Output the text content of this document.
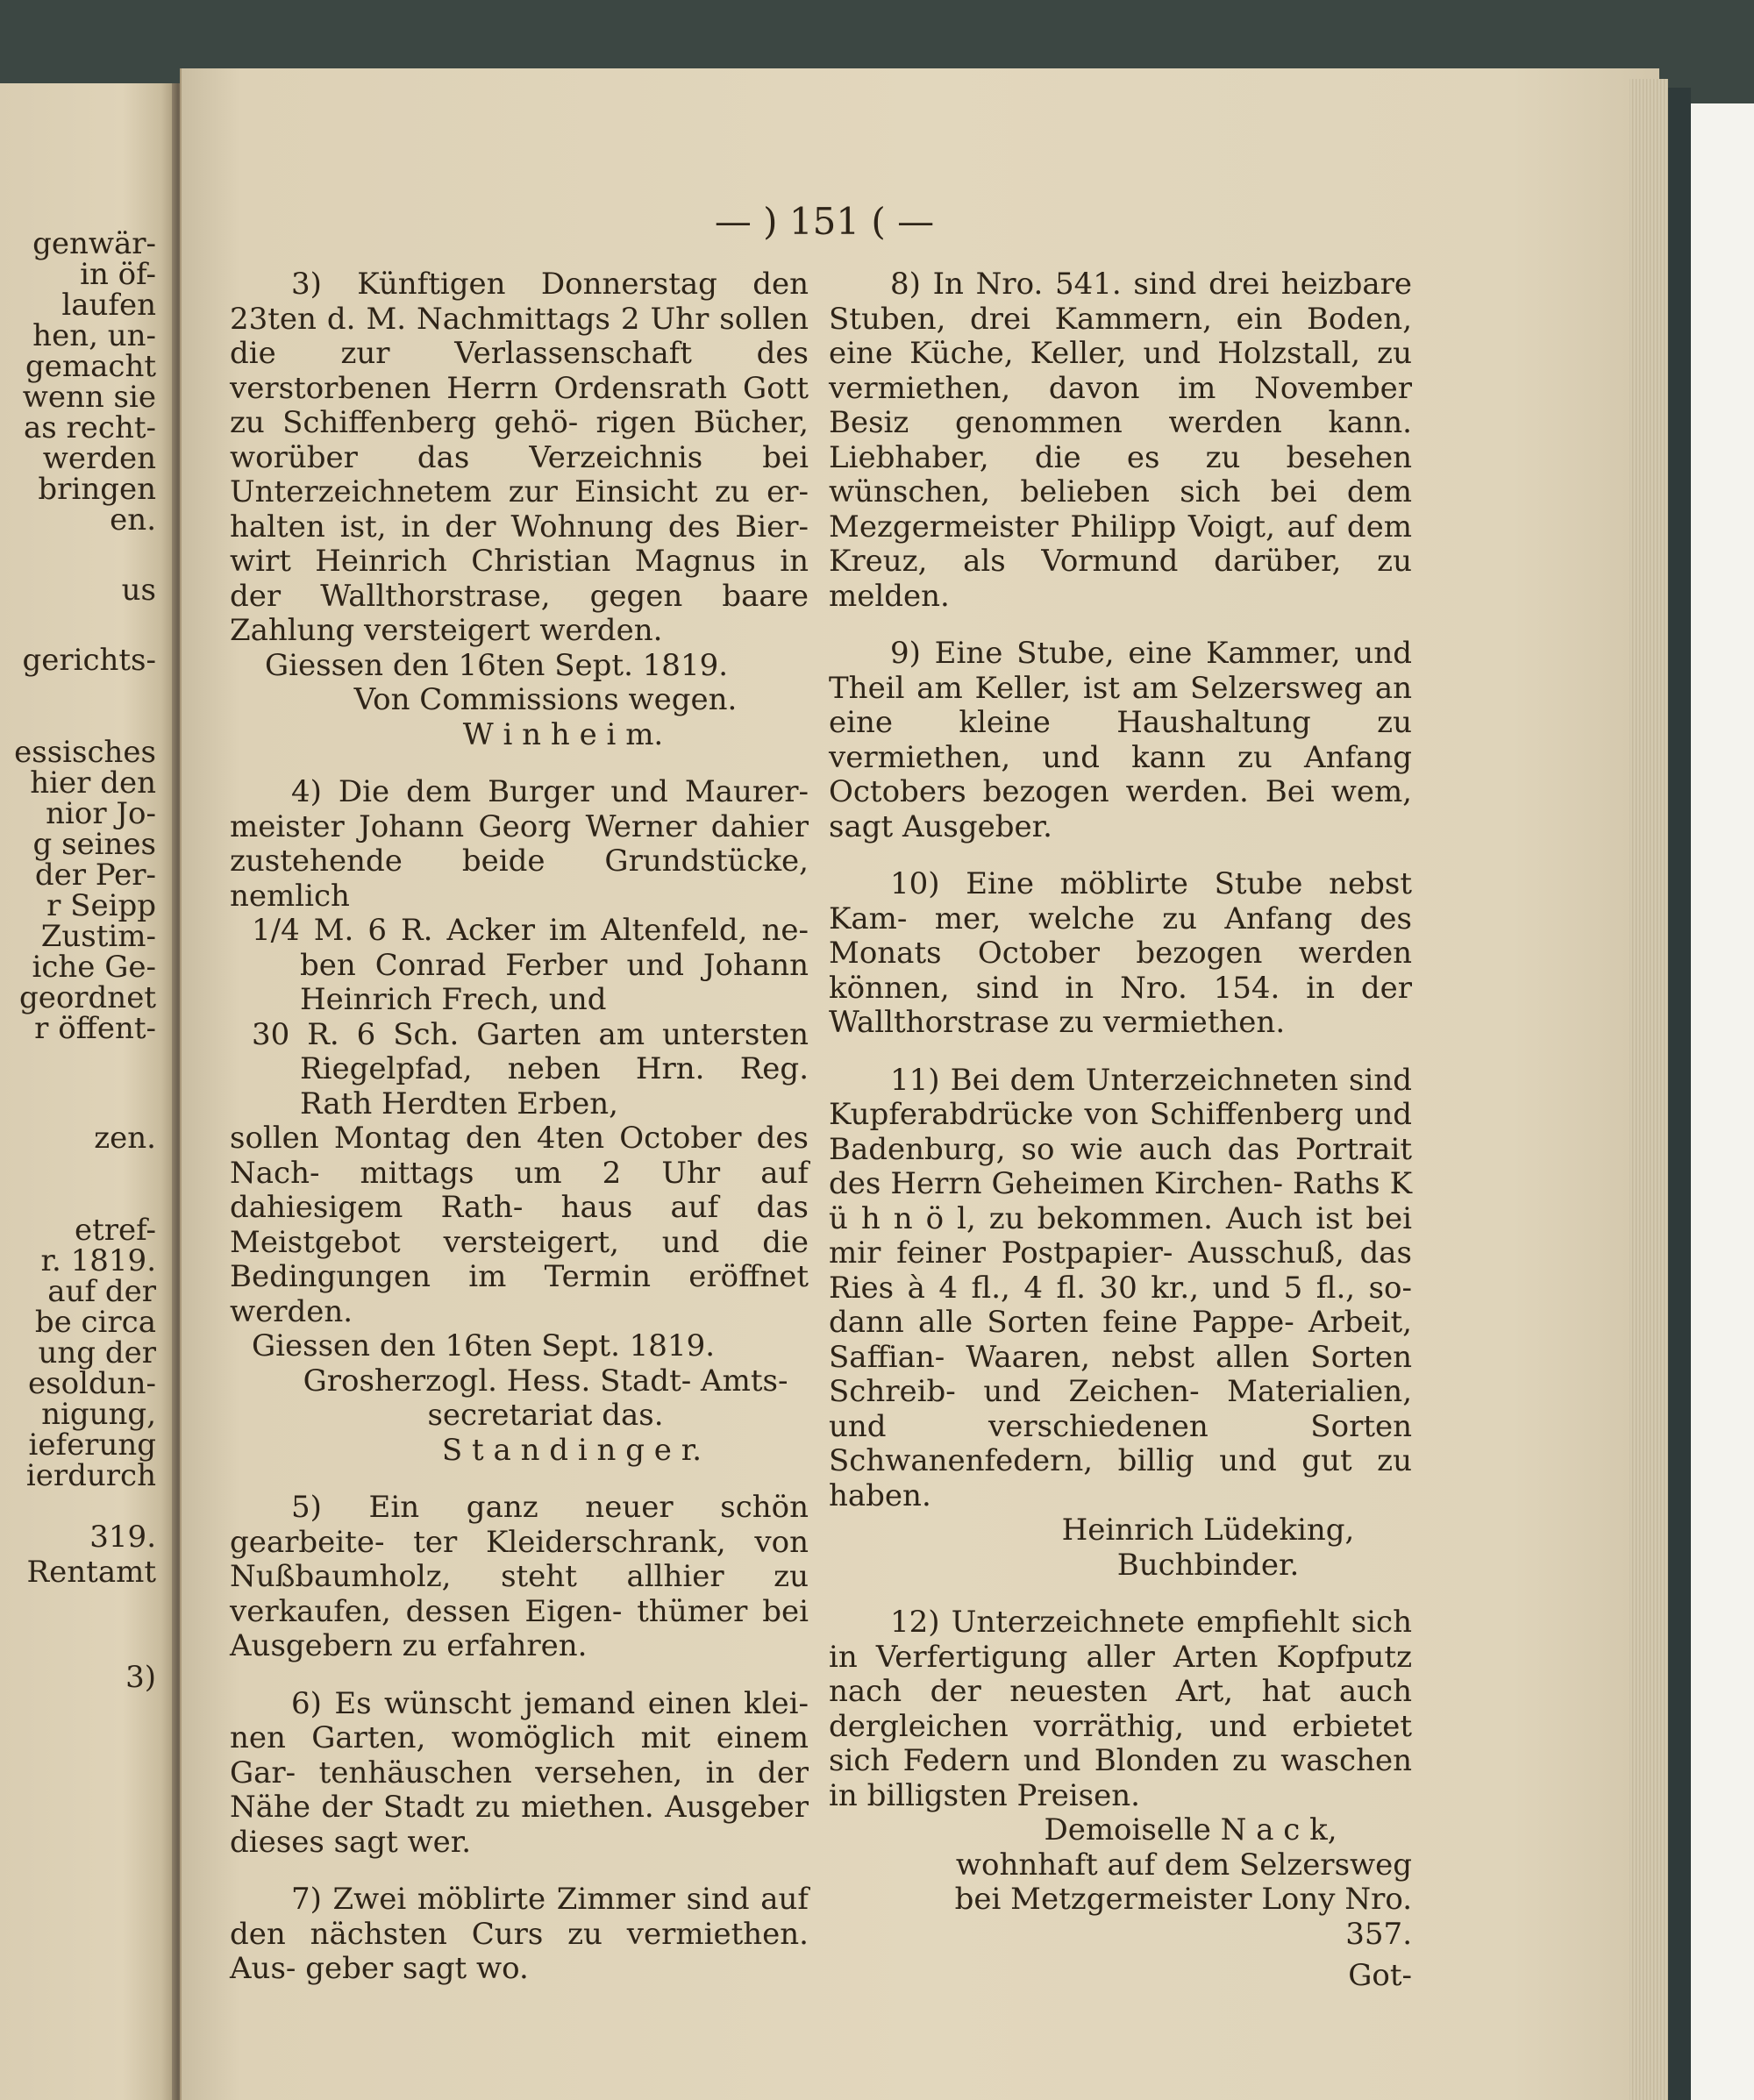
genwär-
in öf-
laufen
hen, un-
gemacht
wenn sie
as recht-
werden
bringen
en.
us
gerichts-
essisches
hier den
nior Jo-
g seines
der Per-
r Seipp
Zustim-
iche Ge-
geordnet
r öffent-
zen.
etref-
r. 1819.
auf der
be circa
ung der
esoldun-
nigung,
ieferung
ierdurch
319.
Rentamt
3)
— ) 151 ( —

3) Künftigen Donnerstag den 23ten d. M. Nachmittags 2 Uhr sollen die zur Verlassenschaft des verstorbenen Herrn Ordensrath Gott zu Schiffenberg gehö- rigen Bücher, worüber das Verzeichnis bei Unterzeichnetem zur Einsicht zu er- halten ist, in der Wohnung des Bier- wirt Heinrich Christian Magnus in der Wallthorstrase, gegen baare Zahlung versteigert werden.

Giessen den 16ten Sept. 1819.

Von Commissions wegen.

W i n h e i m.

4) Die dem Burger und Maurer- meister Johann Georg Werner dahier zustehende beide Grundstücke, nemlich

1/4 M. 6 R. Acker im Altenfeld, ne- ben Conrad Ferber und Johann Heinrich Frech, und

30 R. 6 Sch. Garten am untersten Riegelpfad, neben Hrn. Reg. Rath Herdten Erben,

sollen Montag den 4ten October des Nach- mittags um 2 Uhr auf dahiesigem Rath- haus auf das Meistgebot versteigert, und die Bedingungen im Termin eröffnet werden.

Giessen den 16ten Sept. 1819.

Grosherzogl. Hess. Stadt- Amts- secretariat das.

S t a n d i n g e r.

5) Ein ganz neuer schön gearbeite- ter Kleiderschrank, von Nußbaumholz, steht allhier zu verkaufen, dessen Eigen- thümer bei Ausgebern zu erfahren.

6) Es wünscht jemand einen klei- nen Garten, womöglich mit einem Gar- tenhäuschen versehen, in der Nähe der Stadt zu miethen. Ausgeber dieses sagt wer.

7) Zwei möblirte Zimmer sind auf den nächsten Curs zu vermiethen. Aus- geber sagt wo.

8) In Nro. 541. sind drei heizbare Stuben, drei Kammern, ein Boden, eine Küche, Keller, und Holzstall, zu vermiethen, davon im November Besiz genommen werden kann. Liebhaber, die es zu besehen wünschen, belieben sich bei dem Mezgermeister Philipp Voigt, auf dem Kreuz, als Vormund darüber, zu melden.

9) Eine Stube, eine Kammer, und Theil am Keller, ist am Selzersweg an eine kleine Haushaltung zu vermiethen, und kann zu Anfang Octobers bezogen werden. Bei wem, sagt Ausgeber.

10) Eine möblirte Stube nebst Kam- mer, welche zu Anfang des Monats October bezogen werden können, sind in Nro. 154. in der Wallthorstrase zu vermiethen.

11) Bei dem Unterzeichneten sind Kupferabdrücke von Schiffenberg und Badenburg, so wie auch das Portrait des Herrn Geheimen Kirchen- Raths K ü h n ö l, zu bekommen. Auch ist bei mir feiner Postpapier- Ausschuß, das Ries à 4 fl., 4 fl. 30 kr., und 5 fl., so- dann alle Sorten feine Pappe- Arbeit, Saffian- Waaren, nebst allen Sorten Schreib- und Zeichen- Materialien, und verschiedenen Sorten Schwanenfedern, billig und gut zu haben.

Heinrich Lüdeking,

Buchbinder.

12) Unterzeichnete empfiehlt sich in Verfertigung aller Arten Kopfputz nach der neuesten Art, hat auch dergleichen vorräthig, und erbietet sich Federn und Blonden zu waschen in billigsten Preisen.

Demoiselle N a c k,

wohnhaft auf dem Selzersweg bei Metzgermeister Lony Nro. 357.

Got-
